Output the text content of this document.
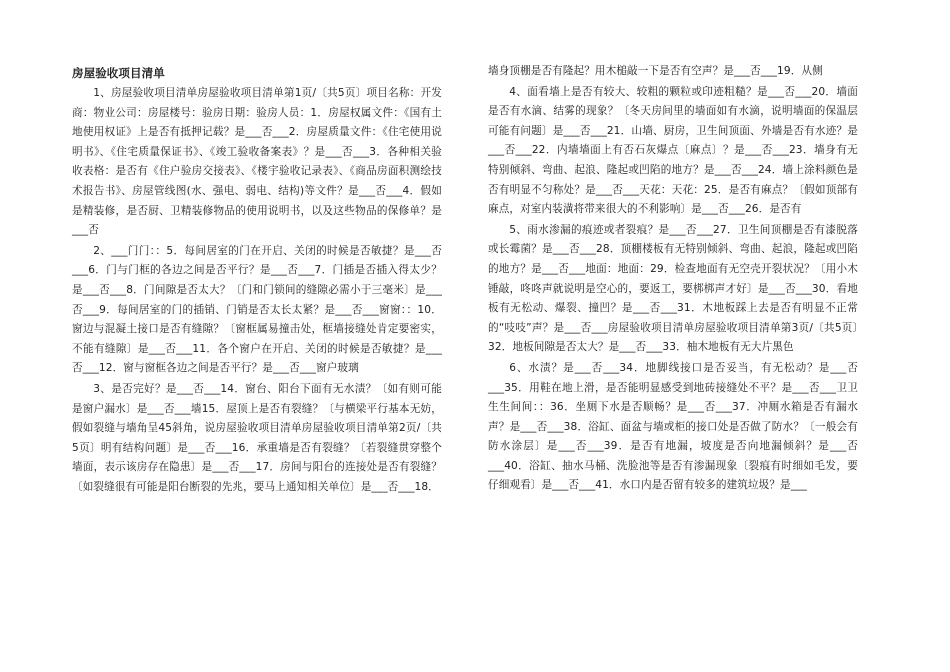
房屋验收项目清单

1、房屋验收项目清单房屋验收项目清单第1页/〔共5页〕项目名称：开发商：物业公司：房屋楼号：验房日期：验房人员：1．房屋权属文件：《国有土地使用权证》上是否有抵押记载？是___否___2．房屋质量文件：《住宅使用说明书》、《住宅质量保证书》、《竣工验收备案表》？是___否___3．各种相关验收表格：是否有《住户验房交接表》、《楼宇验收记录表》、《商品房面积测绘技术报告书》、房屋管线图(水、强电、弱电、结构)等文件？是___否___4．假如是精装修，是否厨、卫精装修物品的使用说明书，以及这些物品的保修单？是___否

2、___门门：：5．每间居室的门在开启、关闭的时候是否敏捷？是___否___6．门与门框的各边之间是否平行？是___否___7．门插是否插入得太少？是___否___8．门间隙是否太大？〔门和门锁间的缝隙必需小于三毫米〕是___否___9．每间居室的门的插销、门销是否太长太紧？是___否___窗窗：：10．窗边与混凝土接口是否有缝隙？〔窗框属易撞击处，框墙接缝处肯定要密实，不能有缝隙〕是___否___11．各个窗户在开启、关闭的时候是否敏捷？是___否___12．窗与窗框各边之间是否平行？是___否___窗户玻璃

3、是否完好？是___否___14．窗台、阳台下面有无水渍？〔如有则可能是窗户漏水〕是___否___墙15．屋顶上是否有裂缝？〔与横梁平行基本无妨，假如裂缝与墙角呈45斜角，说房屋验收项目清单房屋验收项目清单第2页/〔共5页〕明有结构问题〕是___否___16．承重墙是否有裂缝？〔若裂缝贯穿整个墙面，表示该房存在隐患〕是___否___17．房间与阳台的连接处是否有裂缝？〔如裂缝很有可能是阳台断裂的先兆，要马上通知相关单位〕是___否___18．

墙身顶棚是否有隆起？用木槌敲一下是否有空声？是___否___19．从侧

4、面看墙上是否有较大、较粗的颗粒或印迹粗糙？是___否___20．墙面是否有水滴、结雾的现象？〔冬天房间里的墙面如有水滴，说明墙面的保温层可能有问题〕是___否___21．山墙、厨房，卫生间顶面、外墙是否有水迹？是___否___22．内墙墙面上有否石灰爆点〔麻点〕？是___否___23．墙身有无特别倾斜、弯曲、起浪、隆起或凹陷的地方？是___否___24．墙上涂料颜色是否有明显不匀称处？是___否___天花：天花：25．是否有麻点？〔假如顶部有麻点，对室内装潢将带来很大的不利影响〕是___否___26．是否有

5、雨水渗漏的痕迹或者裂痕？是___否___27．卫生间顶棚是否有漆脱落或长霉菌？是___否___28．顶棚楼板有无特别倾斜、弯曲、起浪，隆起或凹陷的地方？是___否___地面：地面：29．检查地面有无空壳开裂状况？〔用小木锤敲，咚咚声就说明是空心的，要返工，要梆梆声才好〕是___否___30．看地板有无松动、爆裂、撞凹？是___否___31．木地板踩上去是否有明显不正常的“吱吱”声？是___否___房屋验收项目清单房屋验收项目清单第3页/〔共5页〕32．地板间隙是否太大？是___否___33．柚木地板有无大片黑色

6、水渍？是___否___34．地脚线接口是否妥当，有无松动？是___否___35．用鞋在地上滑，是否能明显感受到地砖接缝处不平？是___否___卫卫生生间间：：36．坐厕下水是否顺畅？是___否___37．冲厕水箱是否有漏水声？是___否___38．浴缸、面盆与墙或柜的接口处是否做了防水？〔一般会有防水涂层〕是___否___39．是否有地漏，坡度是否向地漏倾斜？是___否___40．浴缸、抽水马桶、洗脸池等是否有渗漏现象〔裂痕有时细如毛发，要仔细观看〕是___否___41．水口内是否留有较多的建筑垃圾？是___
